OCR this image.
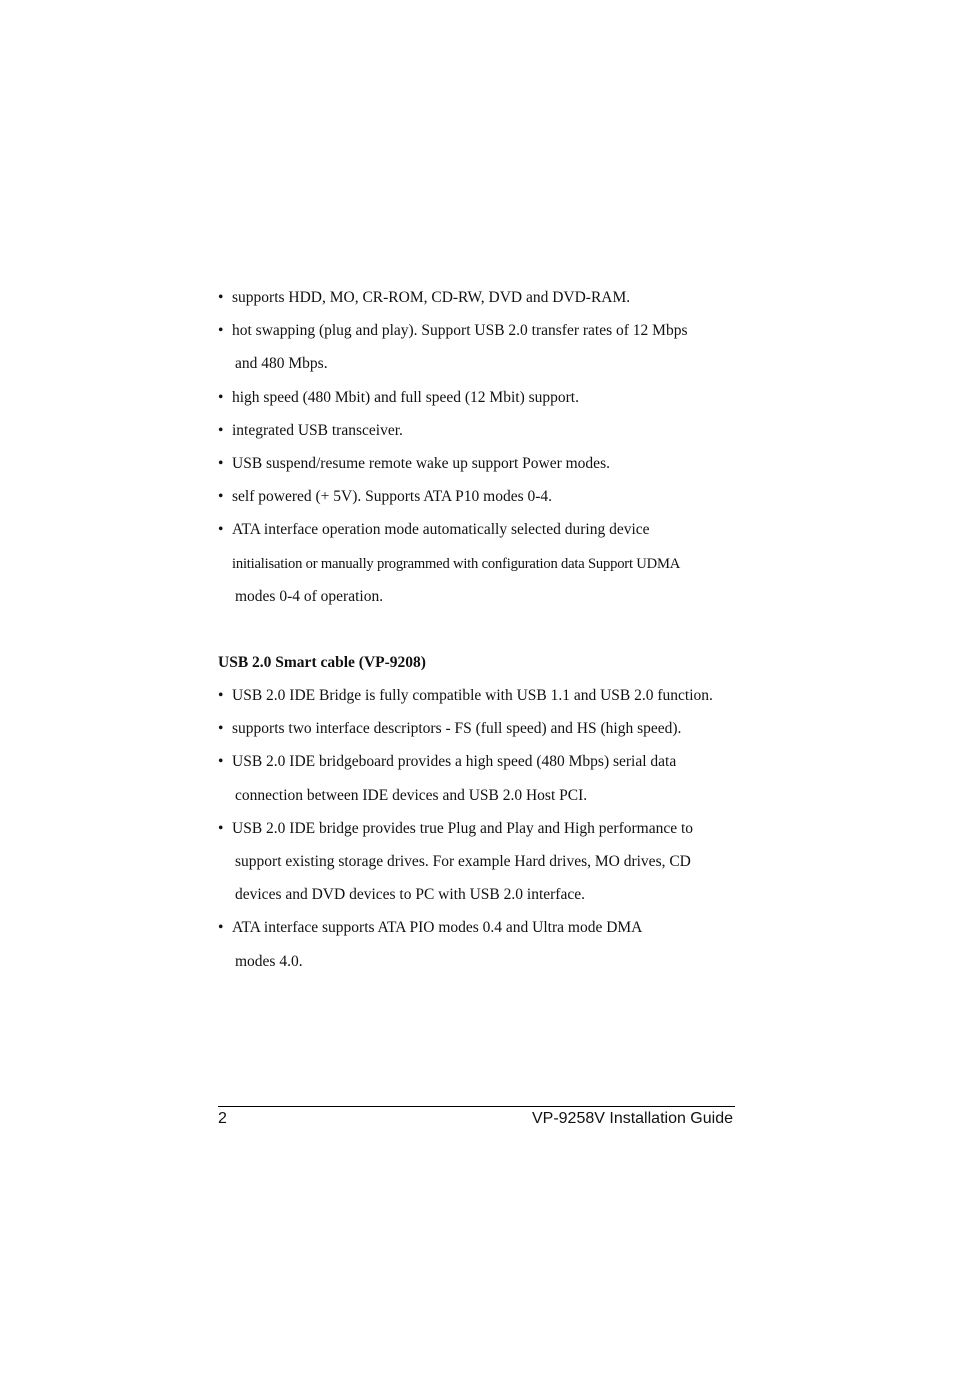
• supports HDD, MO, CR-ROM, CD-RW, DVD and DVD-RAM.
• hot swapping (plug and play). Support USB 2.0 transfer rates of 12 Mbps
and 480 Mbps.
• high speed (480 Mbit) and full speed (12 Mbit) support.
• integrated USB transceiver.
• USB suspend/resume remote wake up support Power modes.
• self powered (+ 5V). Supports ATA P10 modes 0-4.
• ATA interface operation mode automatically selected during device
initialisation or manually programmed with configuration data Support UDMA
modes 0-4 of operation.
USB 2.0 Smart cable (VP-9208)
• USB 2.0 IDE Bridge is fully compatible with USB 1.1 and USB 2.0 function.
• supports two interface descriptors - FS (full speed) and HS (high speed).
• USB 2.0 IDE bridgeboard provides a high speed (480 Mbps) serial data
connection between IDE devices and USB 2.0 Host PCI.
• USB 2.0 IDE bridge provides true Plug and Play and High performance to
support existing storage drives. For example Hard drives, MO drives, CD
devices and DVD devices to PC with USB 2.0 interface.
• ATA interface supports ATA PIO modes 0.4 and Ultra mode DMA
modes 4.0.
2	VP-9258V Installation Guide
